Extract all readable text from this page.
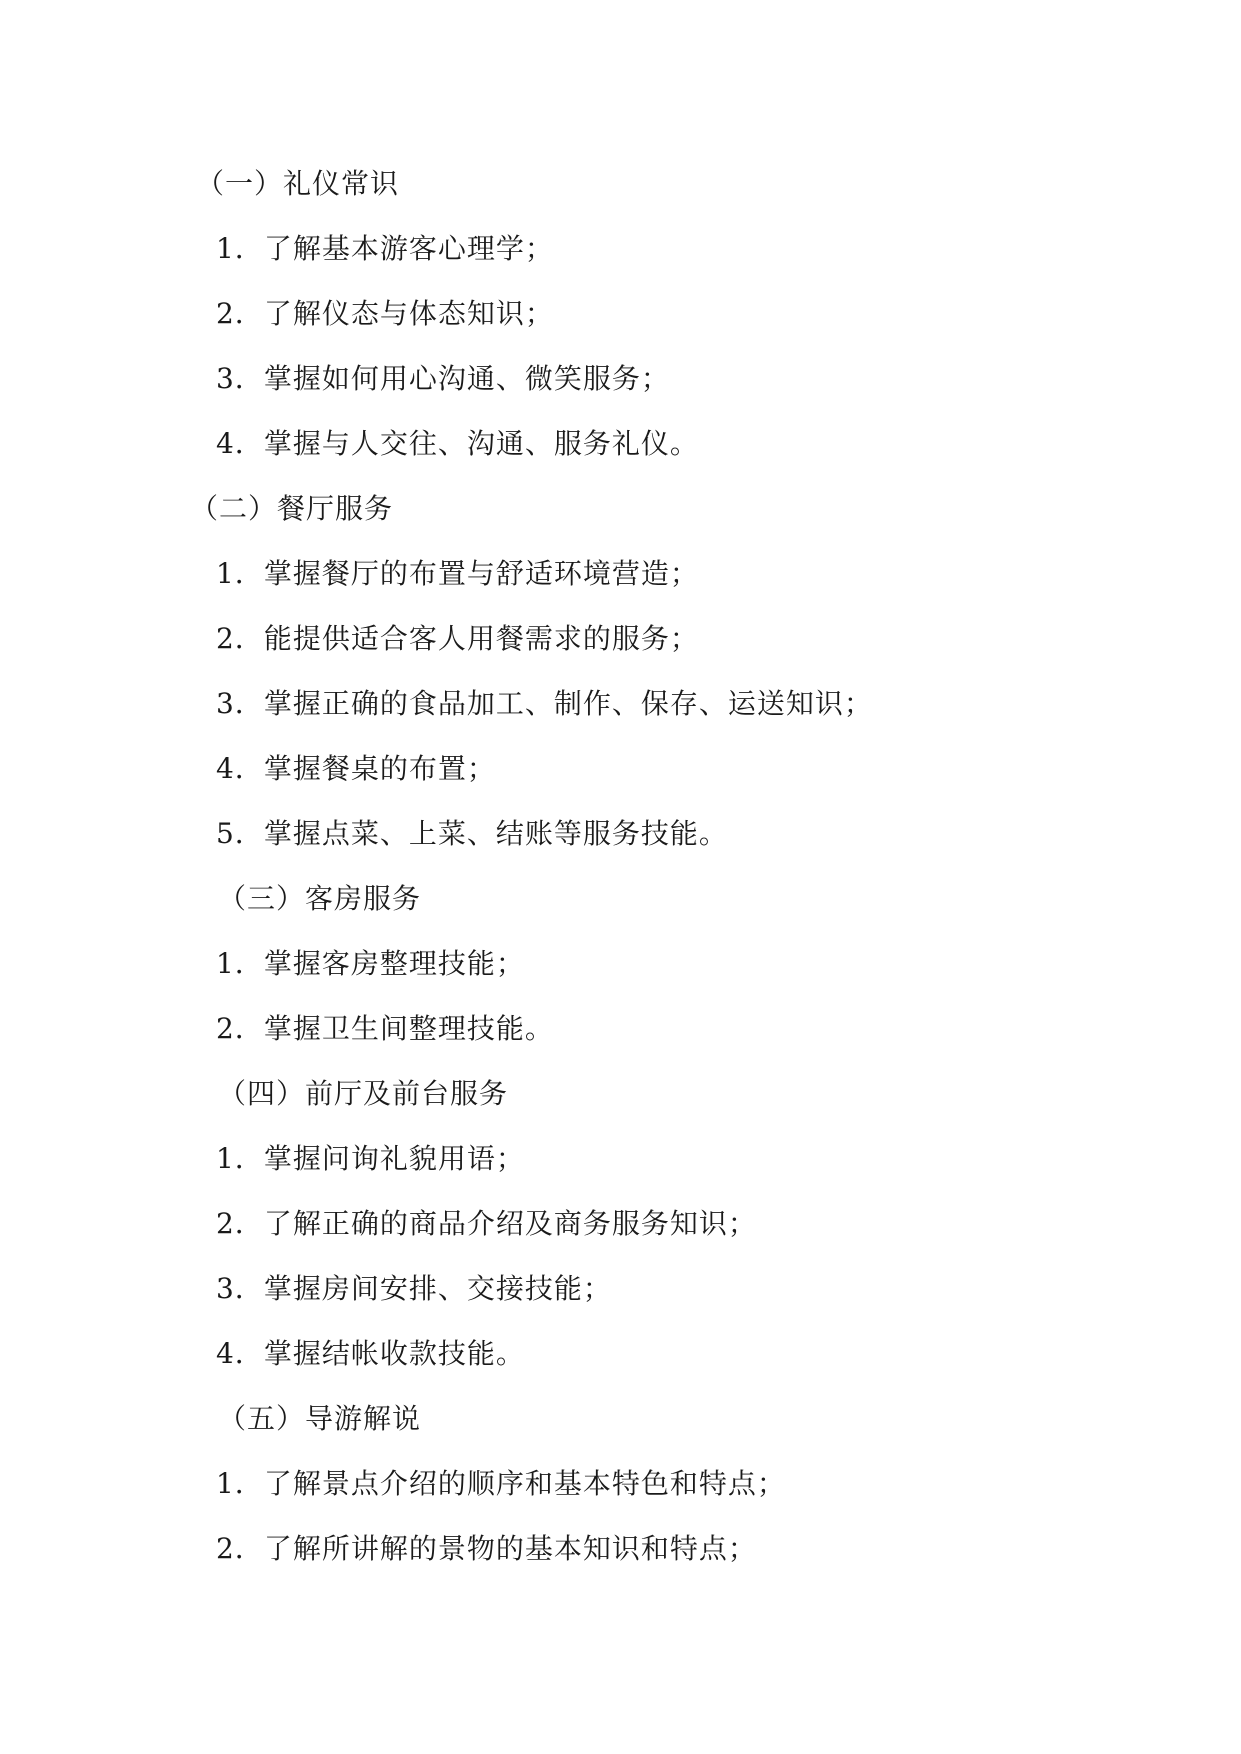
（一）礼仪常识
1．了解基本游客心理学；
2．了解仪态与体态知识；
3．掌握如何用心沟通、微笑服务；
4．掌握与人交往、沟通、服务礼仪。
（二）餐厅服务
1．掌握餐厅的布置与舒适环境营造；
2．能提供适合客人用餐需求的服务；
3．掌握正确的食品加工、制作、保存、运送知识；
4．掌握餐桌的布置；
5．掌握点菜、上菜、结账等服务技能。
（三）客房服务
1．掌握客房整理技能；
2．掌握卫生间整理技能。
（四）前厅及前台服务
1．掌握问询礼貌用语；
2．了解正确的商品介绍及商务服务知识；
3．掌握房间安排、交接技能；
4．掌握结帐收款技能。
（五）导游解说
1．了解景点介绍的顺序和基本特色和特点；
2．了解所讲解的景物的基本知识和特点；
